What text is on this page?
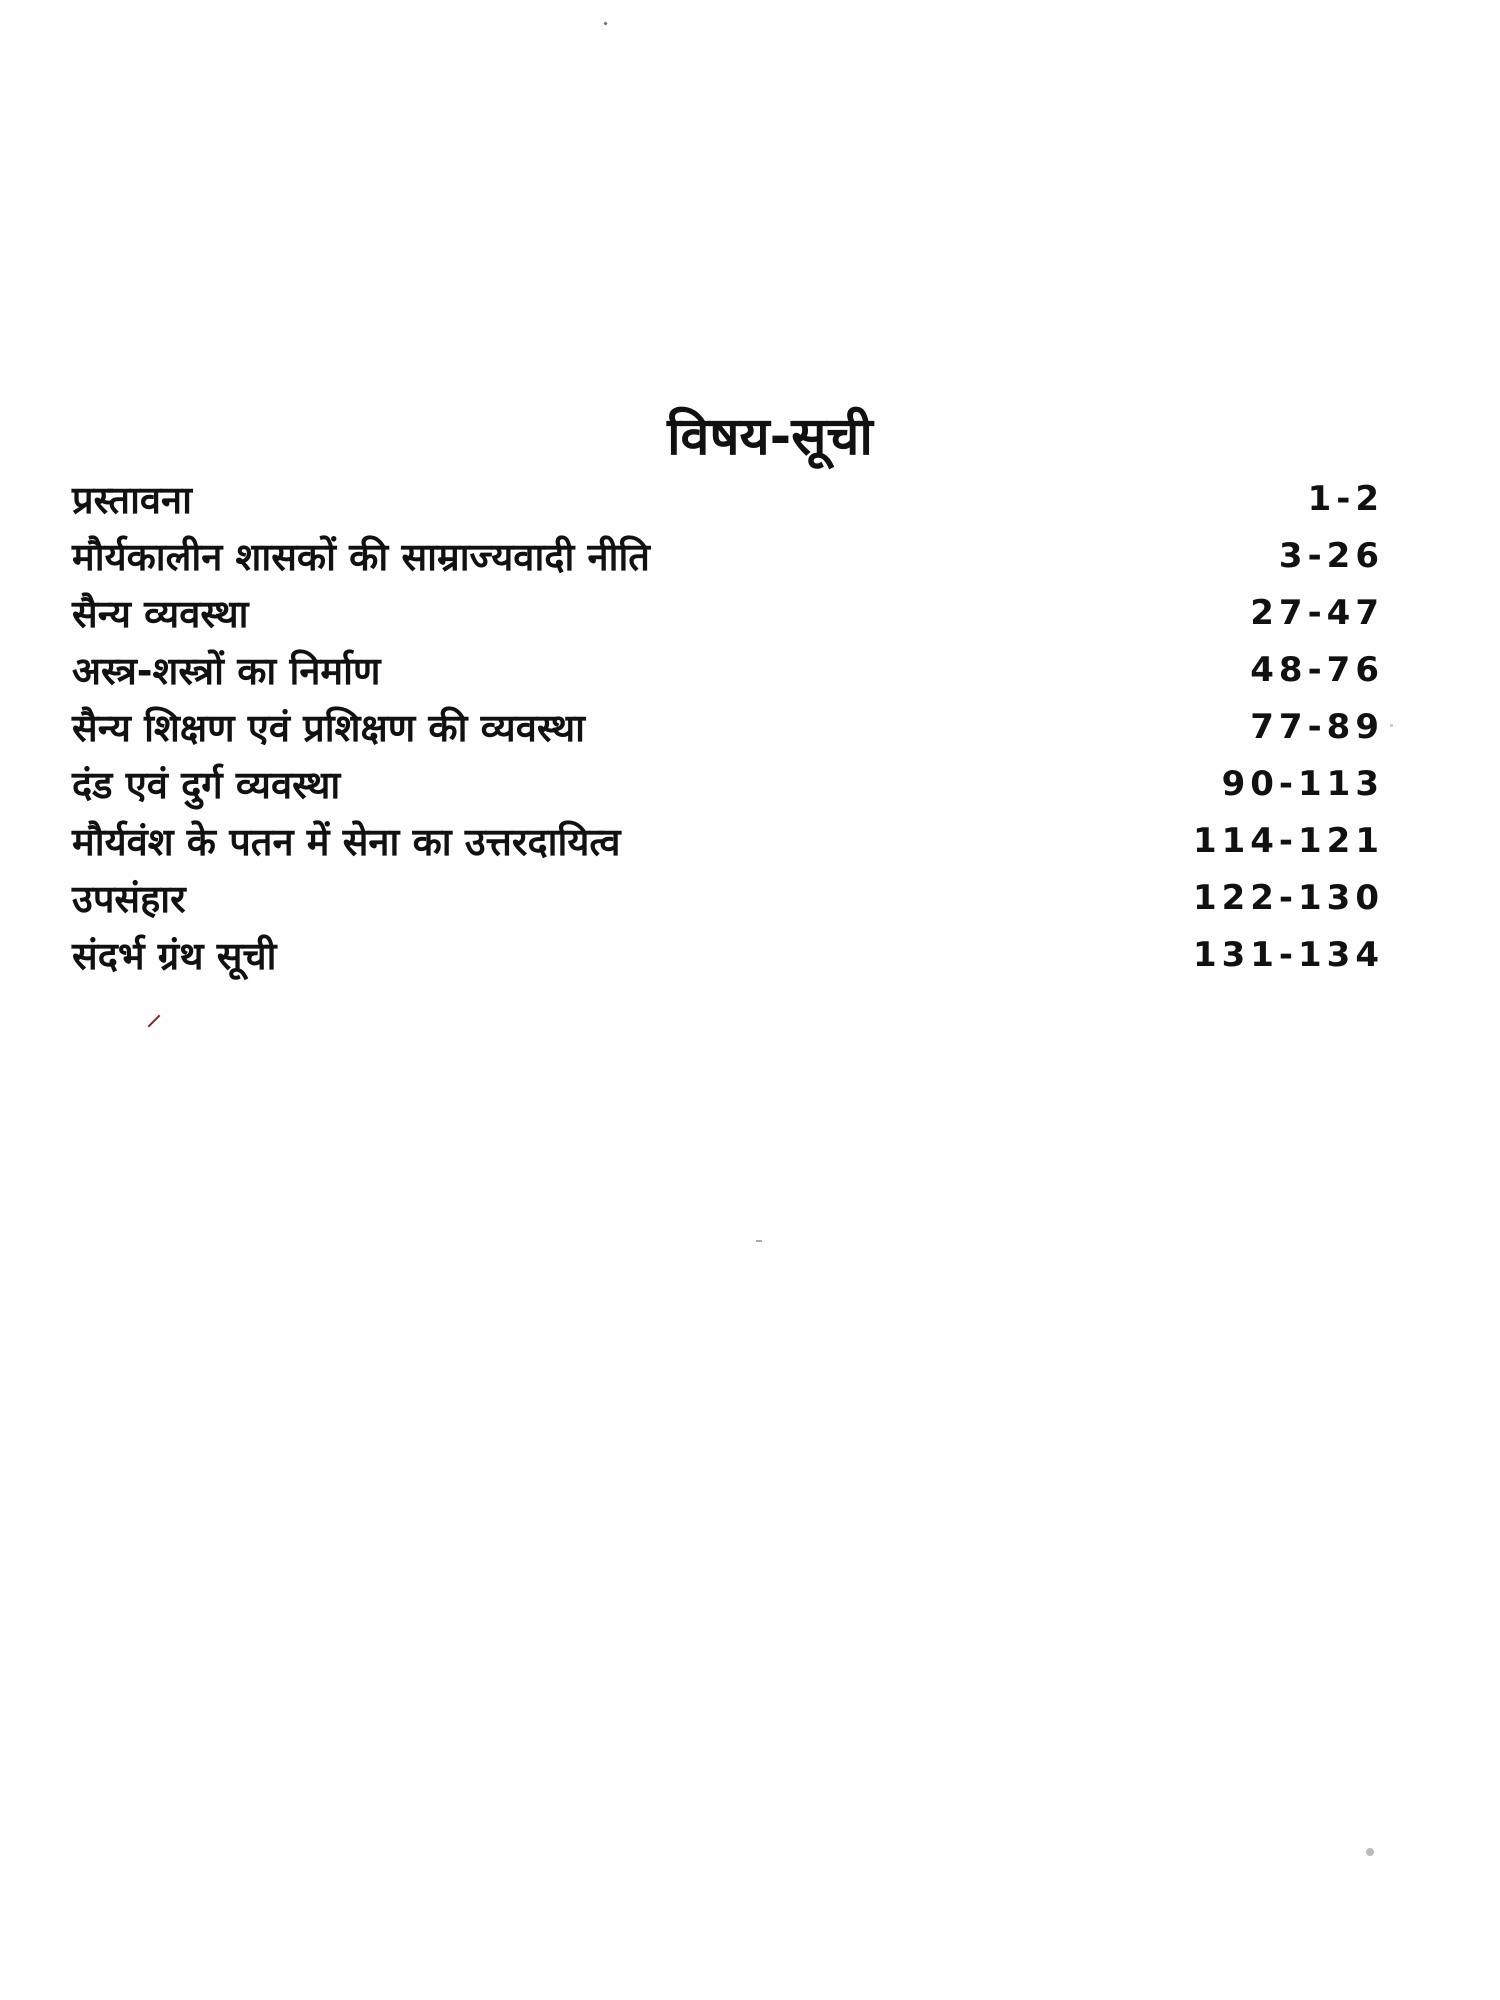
विषय-सूची
प्रस्तावना	1-2
मौर्यकालीन शासकों की साम्राज्यवादी नीति	3-26
सैन्य व्यवस्था	27-47
अस्त्र-शस्त्रों का निर्माण	48-76
सैन्य शिक्षण एवं प्रशिक्षण की व्यवस्था	77-89
दंड एवं दुर्ग व्यवस्था	90-113
मौर्यवंश के पतन में सेना का उत्तरदायित्व	114-121
उपसंहार	122-130
संदर्भ ग्रंथ सूची	131-134
